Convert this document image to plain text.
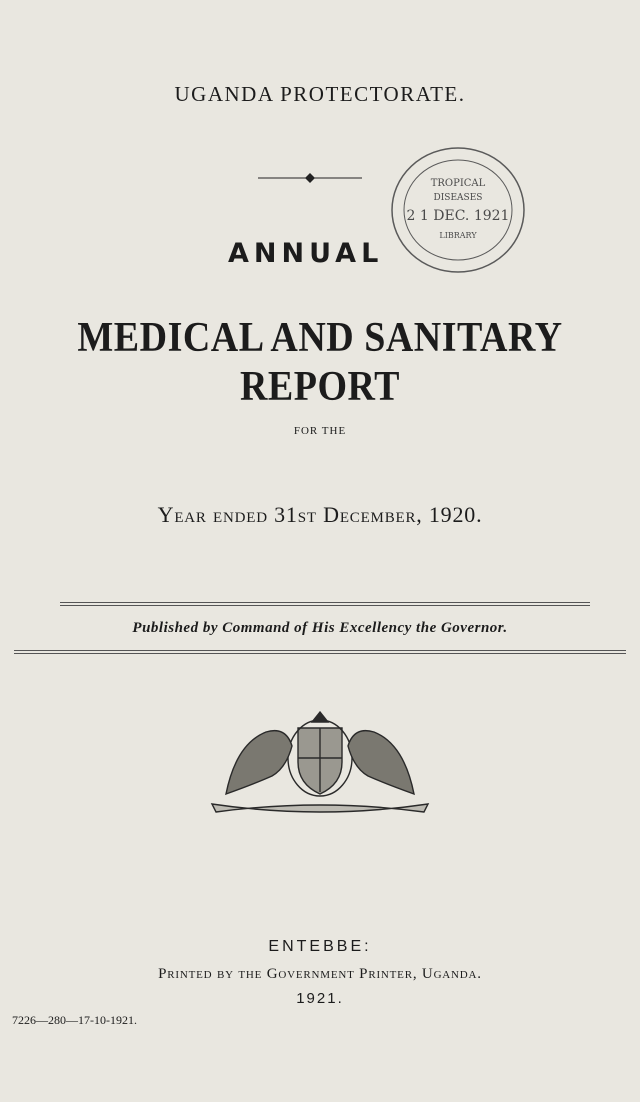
UGANDA PROTECTORATE.
ANNUAL
TROPICAL
DISEASES
2 1 DEC. 1921
LIBRARY
MEDICAL AND SANITARY REPORT
FOR THE
Year ended 31st December, 1920.
Published by Command of His Excellency the Governor.
ENTEBBE:
Printed by the Government Printer, Uganda.
1921.
7226—280—17-10-1921.
